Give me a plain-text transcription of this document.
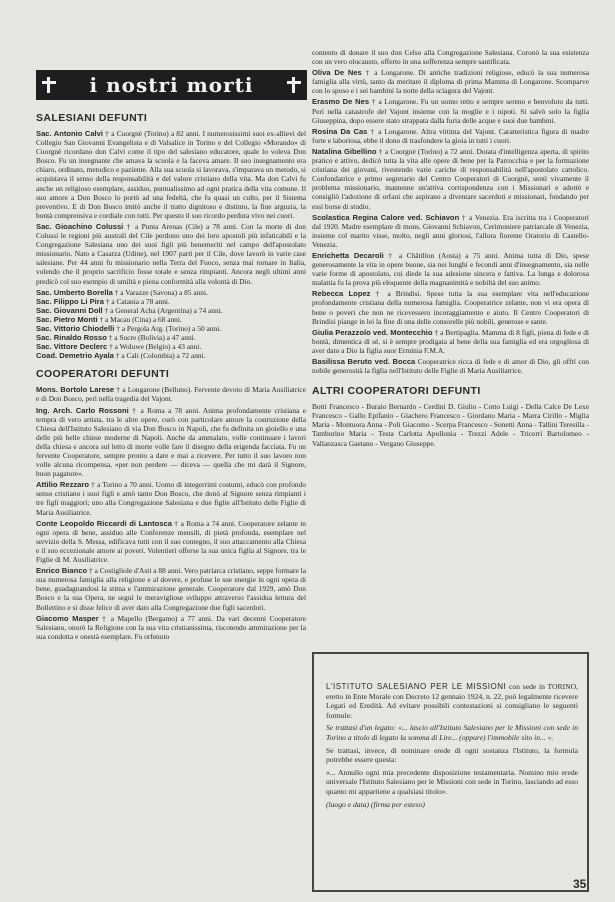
i nostri morti
SALESIANI DEFUNTI
Sac. Antonio Calvi † a Cuorgnè (Torino) a 82 anni. I numerosissimi suoi ex-allievi del Collegio San Giovanni Evangelista e di Valsalice in Torino e del Collegio «Morando» di Cuorgnè ricordano don Calvi come il tipo del salesiano educatore, quale lo voleva Don Bosco. Fu un insegnante che amava la scuola e la faceva amare. Il suo insegnamento era chiaro, ordinato, metodico e paziente. Alla sua scuola si lavorava, s'imparava un metodo, si acquistava il senso della responsabilità e del valore cristiano della vita. Ma don Calvi fu anche un religioso esemplare, assiduo, puntualissimo ad ogni pratica della vita comune. Il suo amore a Don Bosco lo portò ad una fedeltà, che fu quasi un culto, per il Sistema preventivo. E di Don Bosco imitò anche il tratto dignitoso e distinto, la fine arguzia, la bontà comprensiva e cordiale con tutti. Per questo il suo ricordo perdura vivo nei cuori.
Sac. Gioachino Colussi † a Punta Arenas (Cile) a 78 anni. Con la morte di don Colussi le regioni più australi del Cile perdono uno dei loro apostoli più infaticabili e la Congregazione Salesiana uno dei suoi figli più benemeriti nel campo dell'apostolato missionario. Nato a Casarza (Udine), nel 1907 partì per il Cile, dove lavorò in varie case salesiane. Per 44 anni fu missionario nella Terra del Fuoco, senza mai tornare in Italia, volendo che il proprio sacrificio fosse totale e senza rimpianti. Ancora negli ultimi anni predicò col suo esempio di umiltà e piena conformità alla volontà di Dio.
Sac. Umberto Borella † a Varazze (Savona) a 85 anni.
Sac. Filippo Li Pira † a Catania a 78 anni.
Sac. Giovanni Doll † a General Acha (Argentina) a 74 anni.
Sac. Pietro Monti † a Macau (Cina) a 68 anni.
Sac. Vittorio Chiodelli † a Pergola Arg. (Torino) a 50 anni.
Sac. Rinaldo Rosso † a Sucre (Bolivia) a 47 anni.
Sac. Vittore Declerc † a Woluwe (Belgio) a 43 anni.
Coad. Demetrio Ayala † a Cali (Colombia) a 72 anni.
COOPERATORI DEFUNTI
Mons. Bortolo Larese † a Longarone (Belluno). Fervente devoto di Maria Ausiliatrice e di Don Bosco, perì nella tragedia del Vajont.
Ing. Arch. Carlo Rossoni † a Roma a 78 anni. Anima profondamente cristiana e tempra di vero artista, tra le altre opere, curò con particolare amore la costruzione della Chiesa dell'Istituto Salesiano di via Don Bosco in Napoli, che fu definita un gioiello e una delle più belle chiese moderne di Napoli. Anche da ammalato, volle continuare i lavori della chiesa e ancora sul letto di morte volle fare il disegno della erigenda facciata. Fu un fervente Cooperatore, sempre pronto a dare e mai a ricevere. Per tutto il suo lavoro non volle alcuna ricompensa, «per non perdere — diceva — quella che mi darà il Signore, buon pagatore».
Attilio Rezzaro † a Torino a 70 anni. Uomo di integerrimi costumi, educò con profondo senso cristiano i suoi figli e amò tanto Don Bosco, che donò al Signore senza rimpianti i tre figli maggiori; uno alla Congregazione Salesiana e due figlie all'Istituto delle Figlie di Maria Ausiliatrice.
Conte Leopoldo Riccardi di Lantosca † a Roma a 74 anni. Cooperatore zelante in ogni opera di bene, assiduo alle Conferenze mensili, di pietà profonda, esemplare nel servizio della S. Messa, edificava tutti con il suo contegno, il suo attaccamento alla Chiesa e il suo eccezionale amore ai poveri. Volentieri offerse la sua unica figlia al Signore, tra le Figlie di M. Ausiliatrice.
Enrico Bianco † a Costigliole d'Asti a 88 anni. Vero patriarca cristiano, seppe formare la sua numerosa famiglia alla religione e al dovere, e profuse le sue energie in ogni opera di bene, guadagnandosi la stima e l'ammirazione generale. Cooperatore dal 1929, amò Don Bosco e la sua Opera, ne seguì le meravigliose sviluppo attraverso l'assidua lettura del Bollettino e si disse felice di aver dato alla Congregazione due figli sacerdoti.
Giacomo Masper † a Mapello (Bergamo) a 77 anni. Da vari decenni Cooperatore Salesiano, onorò la Religione con la sua vita cristianissima, riscotendo ammirazione per la sua condotta e onestà esemplare. Fu orfenuto
contento di donare il suo don Celso alla Congregazione Salesiana. Coronò la sua esistenza con un vero olocausto, offerto in una sofferenza sempre santificata.
Oliva De Nes † a Longarone. Di antiche tradizioni religiose, educò la sua numerosa famiglia alla virtù, tanto da meritare il diploma di prima Mamma di Longarone. Scomparve con lo sposo e i sei bambini la notte della sciagura del Vajont.
Erasmo De Nes † a Longarone. Fu un uomo retto e sempre sereno e benvoluto da tutti. Perì nella catastrofe del Vajont insieme con la moglie e i nipoti. Si salvò solo la figlia Giuseppina, dopo essere stato strappata dalla furia delle acque e suoi due bambini.
Rosina Da Cas † a Longarone. Altra vittima del Vajont. Caratteristica figura di madre forte e laboriosa, ebbe il dono di trasfondere la gioia in tutti i cuori.
Natalina Gibellino † a Cuorgnè (Torino) a 72 anni. Dotata d'intelligenza aperta, di spirito pratico e attivo, dedicò tutta la vita alle opere di bene per la Parrocchia e per la formazione cristiana dei giovani, rivestendo varie cariche di responsabilità nell'apostolato cattolico. Confondatrice e primo segretario del Centro Cooperatori di Cuorgnè, sentì vivamente il problema missionario, mantenne un'attiva corrispondenza con i Missionari e adottò e consigliò l'adozione di orfani che aspirano a diventare sacerdoti e missionari, fondando per essi borse di studio.
Scolastica Regina Calore ved. Schiavon † a Venezia. Era iscritta tra i Cooperatori dal 1920. Madre esemplare di mons. Giovanni Schiavon, Cerimoniere patriarcale di Venezia, insieme col marito visse, molto, negli anni gloriosi, l'allora fiorente Oratorio di Castello-Venezia.
Enrichetta Decaroli † a Châtillon (Aosta) a 75 anni. Anima tutta di Dio, spese generosamente la vita in opere buone, sia nei lunghi e fecondi anni d'insegnamento, sia nelle varie forme di apostolato, cui diede la sua adesione sincera e fattiva. La lunga e dolorosa malattia fu la prova più eloquente della magnanimità e nobiltà del suo animo.
Rebecca Lopez † a Brindisi. Spese tutta la sua esemplare vita nell'educazione profondamente cristiana della numerosa famiglia. Cooperatrice zelante, non vi era opera di bene o poveri che non ne ricevessero incoraggiamento e aiuto. Il Centro Cooperatori di Brindisi piange in lei la fine di una delle consorelle più nobili, generose e sante.
Giulia Perazzolo ved. Montecchio † a Bertipaglia. Mamma di 8 figli, piena di fede e di bontà, dimentica di sé, si è sempre prodigata al bene della sua famiglia ed era orgogliosa di aver dato a Dio la figlia suor Erminia F.M.A.
Basilissa Beruto ved. Bocca Cooperatrice ricca di fede e di amor di Dio, gli offrì con nobile generosità la figlia nell'Istituto delle Figlie di Maria Ausiliatrice.
ALTRI COOPERATORI DEFUNTI
Botti Francesco - Buraio Bernardo - Cerdini D. Giulio - Cotto Luigi - Della Calce De Lexe Francesco - Gallo Epifanio - Giachero Francesco - Giordano Maria - Marra Cirillo - Miglia Maria - Montuora Anna - Poli Giacomo - Scerpa Francesco - Sonetti Anna - Tallini Teresilla - Tamburino Maria - Testa Carlotta Apollonia - Trezzi Adele - Tricerri Bartolomeo - Vallanzasca Gaetano - Vergano Giuseppe.

L'ISTITUTO SALESIANO PER LE MISSIONI con sede in TORINO, eretto in Ente Morale con Decreto 12 gennaio 1924, n. 22, può legalmente ricevere Legati ed Eredità. Ad evitare possibili contestazioni si consigliano le seguenti formule:

Se trattasi d'un legato: «... lascio all'Istituto Salesiano per le Missioni con sede in Torino a titolo di legato la somma di Lire... (oppure) l'immobile sito in... ».

Se trattasi, invece, di nominare erede di ogni sostanza l'Istituto, la formula potrebbe essere questa:

«... Annullo ogni mia precedente disposizione testamentaria. Nomino mio erede universale l'Istituto Salesiano per le Missioni con sede in Torino, lasciando ad esso quanto mi appartiene a qualsiasi titolo».

(luogo e data) (firma per esteso)

35
